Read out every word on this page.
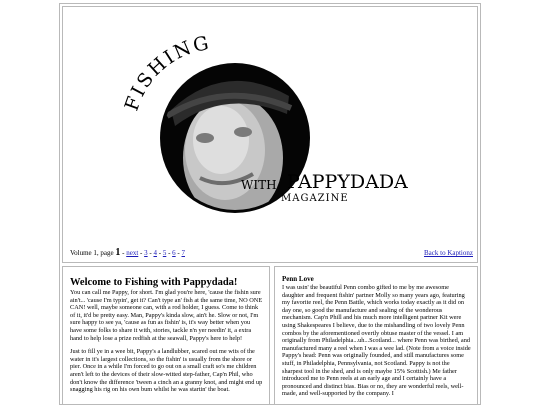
FISHING
WITH PAPPYDADA
MAGAZINE
Volume 1, page 1 - next - 3 - 4 - 5 - 6 - 7	Back to Kaptionz
Welcome to Fishing with Pappydada!

You can call me Pappy, for short. I'm glad you're here, 'cause the fishin sure ain't... 'cause I'm typin', get it? Can't type an' fish at the same time, NO ONE CAN! well, maybe someone can, with a rod holder, I guess. Come to think of it, it'd be pretty easy. Man, Pappy's kinda slow, ain't he. Slow or not, I'm sure happy to see ya, 'cause as fun as fishin' is, it's way better when you have some folks to share it with, stories, tackle n'n yer needin' it, a extra hand to help lose a prize redfish at the seawall, Pappy's here to help!

Just to fill ye in a wee bit, Pappy's a landlubber, scared out me wits of the water in it's largest collections, so the fishin' is usually from the shore or pier. Once in a while I'm forced to go out on a small craft so's me children aren't left to the devices of their slow-witted step-father, Cap'n Phil, who don't know the difference 'tween a cinch an a granny knot, and might end up snagging his rig on his own bum whilst he was startin' the boat.

Penn Love

I was usin' the beautiful Penn combo gifted to me by me awesome daughter and frequent fishin' partner Molly so many years ago, featuring my favorite reel, the Penn Battle, which works today exactly as it did on day one, so good the manufacture and sealing of the wonderous mechanism. Cap'n Phill and his much more intelligent partner Kit were using Shakespeares I believe, due to the mishandling of two lovely Penn combos by the aforementioned overtly obtuse master of the vessel. I am originally from Philadelphia...uh...Scotland... where Penn was birthed, and manufactured many a reel when I was a wee lad. (Note from a voice inside Pappy's head: Penn was originally founded, and still manufactures some stuff, in Philadelphia, Pennsylvania, not Scotland. Pappy is not the sharpest tool in the shed, and is only maybe 15% Scottish.) Me father introduced me to Penn reels at an early age and I certainly have a pronounced and distinct bias. Bias or no, they are wonderful reels, well-made, and well-supported by the company. I
